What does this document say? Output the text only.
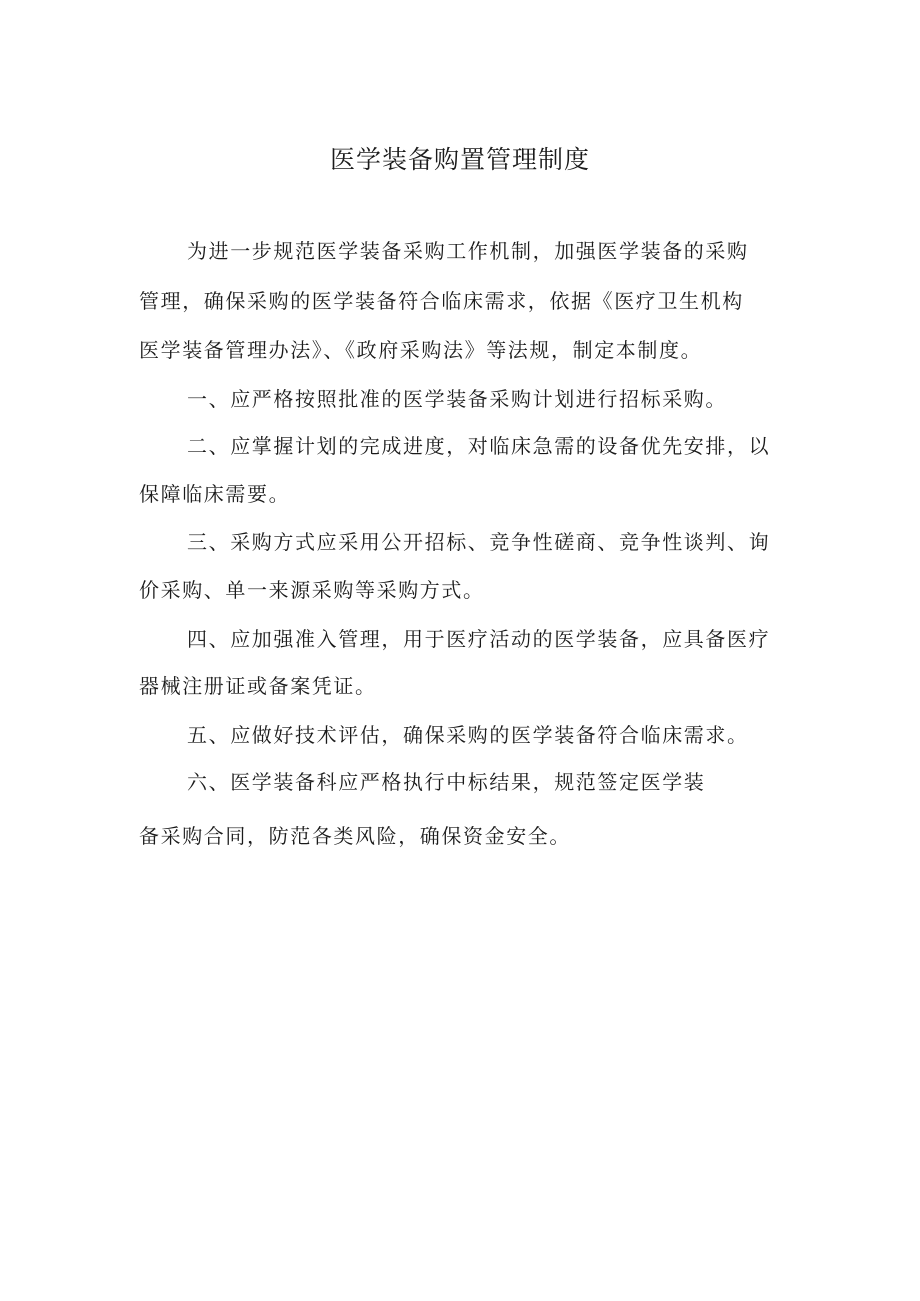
医学装备购置管理制度

为进一步规范医学装备采购工作机制，加强医学装备的采购

管理，确保采购的医学装备符合临床需求，依据《医疗卫生机构

医学装备管理办法》、《政府采购法》等法规，制定本制度。

一、应严格按照批准的医学装备采购计划进行招标采购。

二、应掌握计划的完成进度，对临床急需的设备优先安排，以

保障临床需要。

三、采购方式应采用公开招标、竞争性磋商、竞争性谈判、询

价采购、单一来源采购等采购方式。

四、应加强准入管理，用于医疗活动的医学装备，应具备医疗

器械注册证或备案凭证。

五、应做好技术评估，确保采购的医学装备符合临床需求。

六、医学装备科应严格执行中标结果，规范签定医学装

备采购合同，防范各类风险，确保资金安全。
